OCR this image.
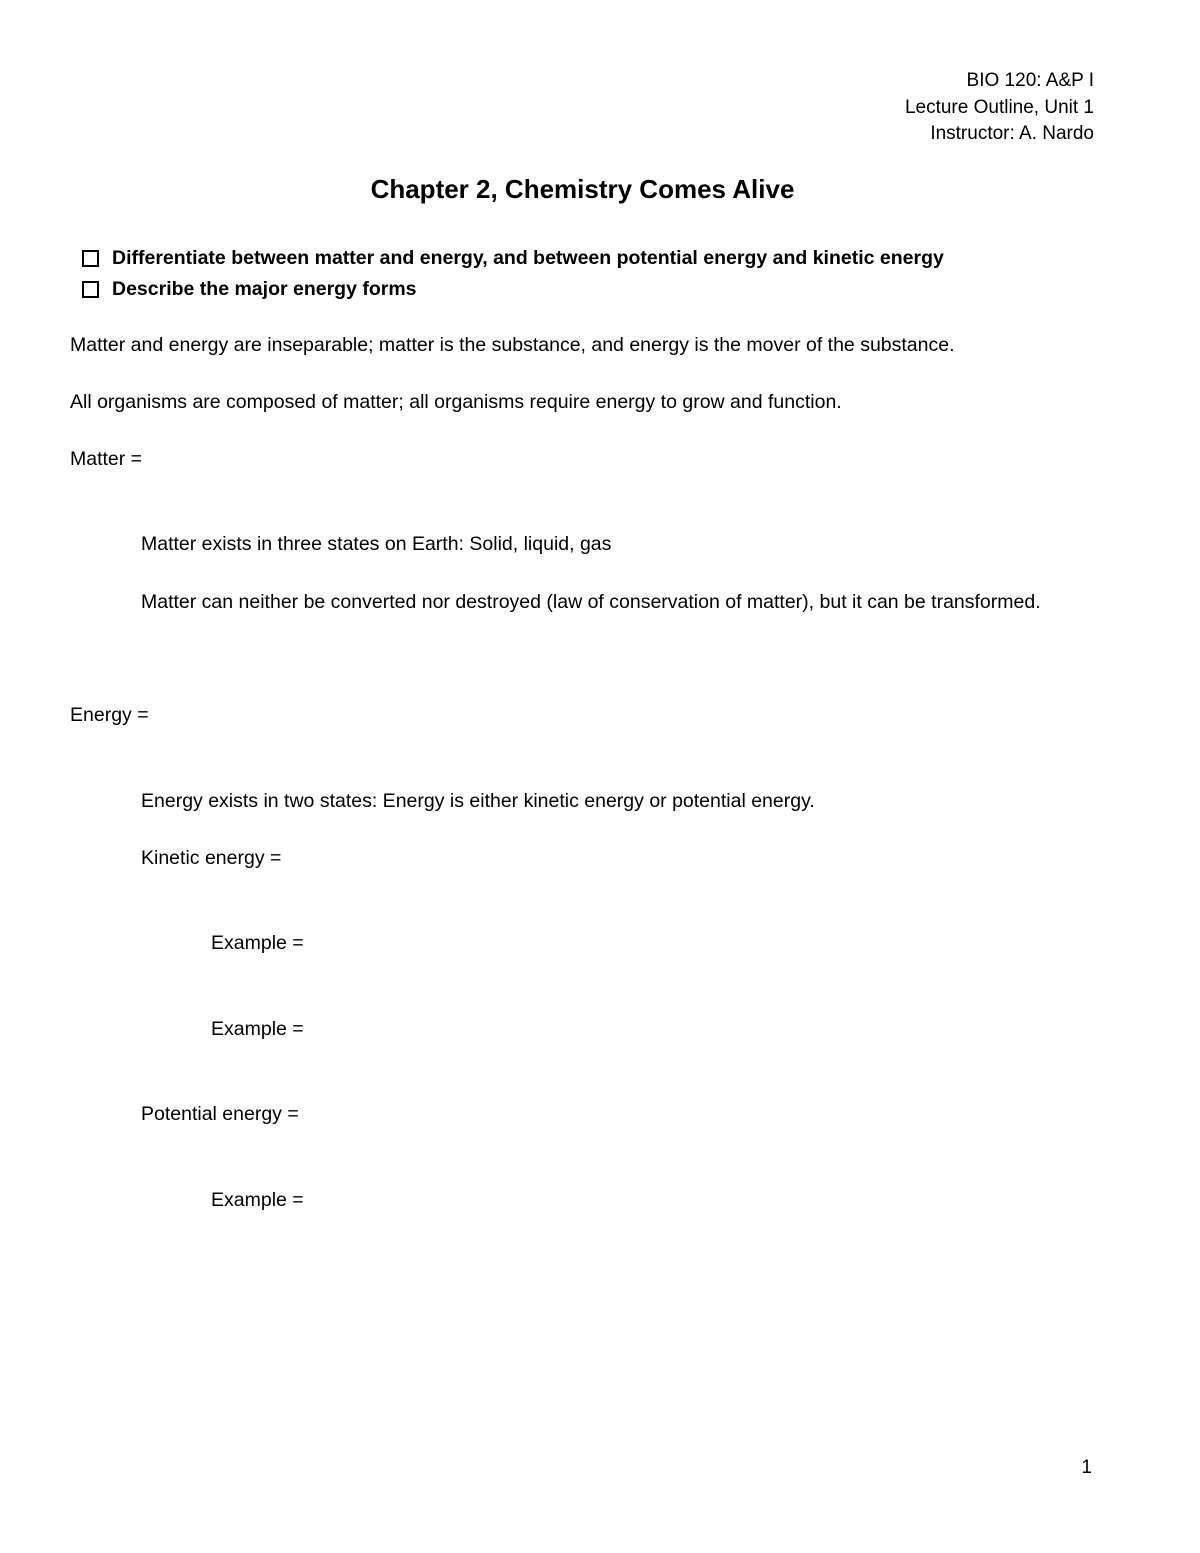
BIO 120: A&P I
Lecture Outline, Unit 1
Instructor: A. Nardo
Chapter 2, Chemistry Comes Alive
Differentiate between matter and energy, and between potential energy and kinetic energy
Describe the major energy forms
Matter and energy are inseparable; matter is the substance, and energy is the mover of the substance.
All organisms are composed of matter; all organisms require energy to grow and function.
Matter =
Matter exists in three states on Earth: Solid, liquid, gas
Matter can neither be converted nor destroyed (law of conservation of matter), but it can be transformed.
Energy =
Energy exists in two states: Energy is either kinetic energy or potential energy.
Kinetic energy =
Example =
Example =
Potential energy =
Example =
1
